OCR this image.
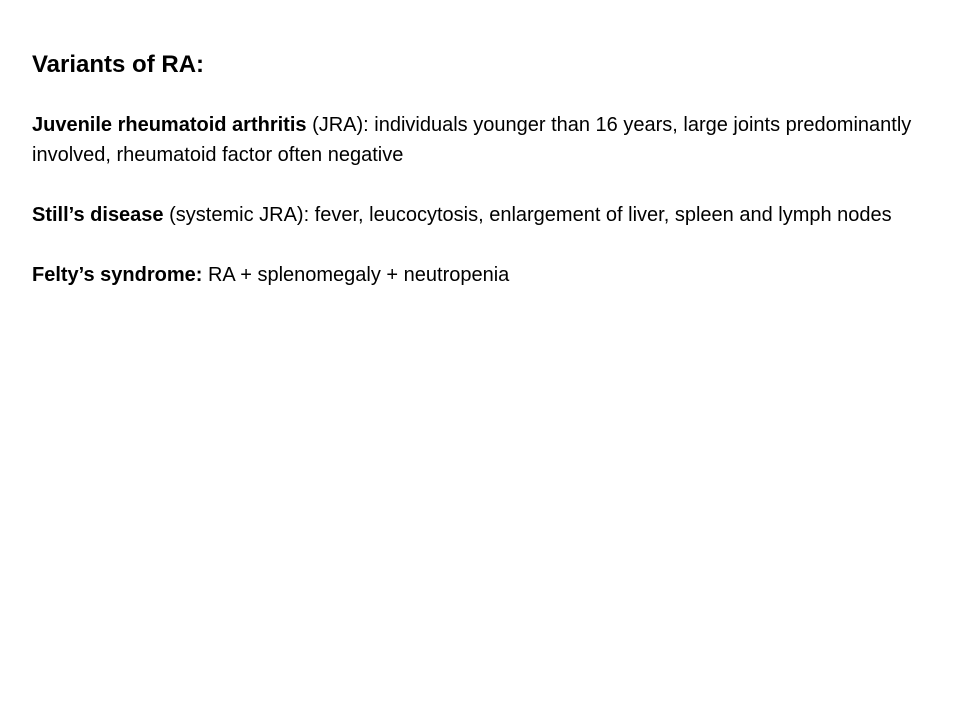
Variants of RA:

Juvenile rheumatoid arthritis (JRA): individuals younger than 16 years, large joints predominantly involved, rheumatoid factor often negative

Still’s disease (systemic JRA): fever, leucocytosis, enlargement of liver, spleen and lymph nodes

Felty’s syndrome: RA + splenomegaly + neutropenia
